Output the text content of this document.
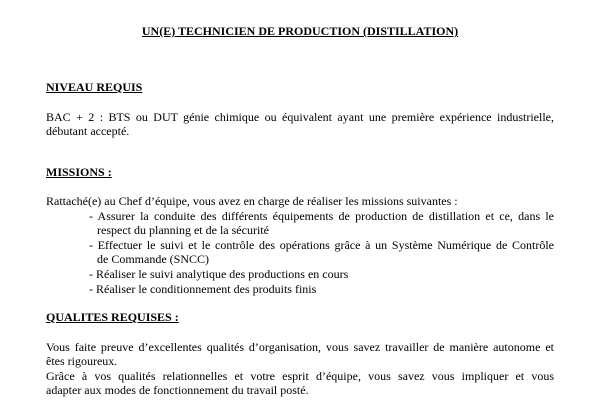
UN(E) TECHNICIEN DE PRODUCTION (DISTILLATION)
NIVEAU REQUIS
BAC + 2 : BTS ou DUT génie chimique ou équivalent ayant une première expérience industrielle,
débutant accepté.
MISSIONS :
Rattaché(e) au Chef d’équipe, vous avez en charge de réaliser les missions suivantes :
- Assurer la conduite des différents équipements de production de distillation et ce, dans le
respect du planning et de la sécurité
- Effectuer le suivi et le contrôle des opérations grâce à un Système Numérique de Contrôle
de Commande (SNCC)
- Réaliser le suivi analytique des productions en cours
- Réaliser le conditionnement des produits finis
QUALITES REQUISES :
Vous faite preuve d’excellentes qualités d’organisation, vous savez travailler de manière autonome et
êtes rigoureux.
Grâce à vos qualités relationnelles et votre esprit d’équipe, vous savez vous impliquer et vous
adapter aux modes de fonctionnement du travail posté.
